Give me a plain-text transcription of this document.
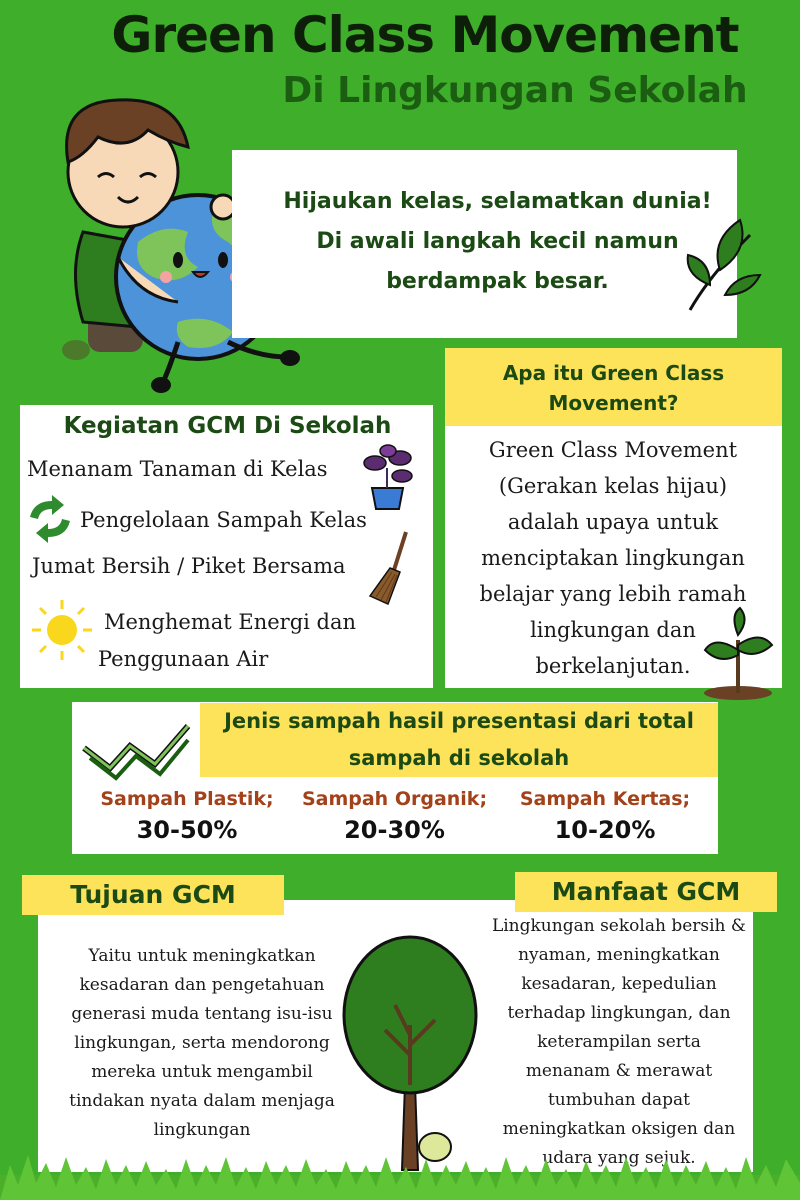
Green Class Movement
Di Lingkungan Sekolah
Hijaukan kelas, selamatkan dunia!
Di awali langkah kecil namun
berdampak besar.
Apa itu Green Class
Movement?
Green Class Movement
(Gerakan kelas hijau)
adalah upaya untuk
menciptakan lingkungan
belajar yang lebih ramah
lingkungan dan
berkelanjutan.
Kegiatan GCM Di Sekolah
Menanam Tanaman di Kelas
Pengelolaan Sampah Kelas
Jumat Bersih / Piket Bersama
Menghemat Energi dan
Penggunaan Air
Jenis sampah hasil presentasi dari total
sampah di sekolah
Sampah Plastik;
30-50%
Sampah Organik;
20-30%
Sampah Kertas;
10-20%
Tujuan GCM	Manfaat GCM
Yaitu untuk meningkatkan
kesadaran dan pengetahuan
generasi muda tentang isu-isu
lingkungan, serta mendorong
mereka untuk mengambil
tindakan nyata dalam menjaga
lingkungan
Lingkungan sekolah bersih &
nyaman, meningkatkan
kesadaran, kepedulian
terhadap lingkungan, dan
keterampilan serta
menanam & merawat
tumbuhan dapat
meningkatkan oksigen dan
udara yang sejuk.
